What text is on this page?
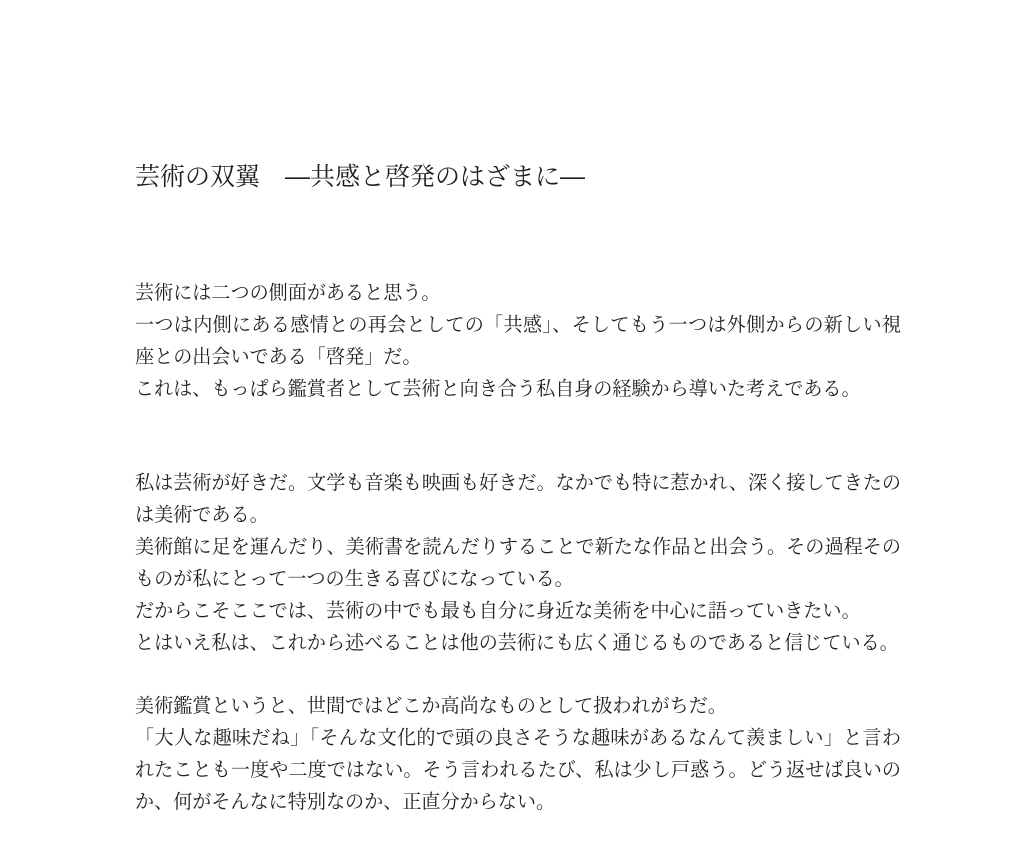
芸術の双翼　―共感と啓発のはざまに―

芸術には二つの側面があると思う。

一つは内側にある感情との再会としての「共感」、そしてもう一つは外側からの新しい視座との出会いである「啓発」だ。

これは、もっぱら鑑賞者として芸術と向き合う私自身の経験から導いた考えである。

私は芸術が好きだ。文学も音楽も映画も好きだ。なかでも特に惹かれ、深く接してきたのは美術である。

美術館に足を運んだり、美術書を読んだりすることで新たな作品と出会う。その過程そのものが私にとって一つの生きる喜びになっている。

だからこそここでは、芸術の中でも最も自分に身近な美術を中心に語っていきたい。

とはいえ私は、これから述べることは他の芸術にも広く通じるものであると信じている。

美術鑑賞というと、世間ではどこか高尚なものとして扱われがちだ。

「大人な趣味だね」「そんな文化的で頭の良さそうな趣味があるなんて羨ましい」と言われたことも一度や二度ではない。そう言われるたび、私は少し戸惑う。どう返せば良いのか、何がそんなに特別なのか、正直分からない。
